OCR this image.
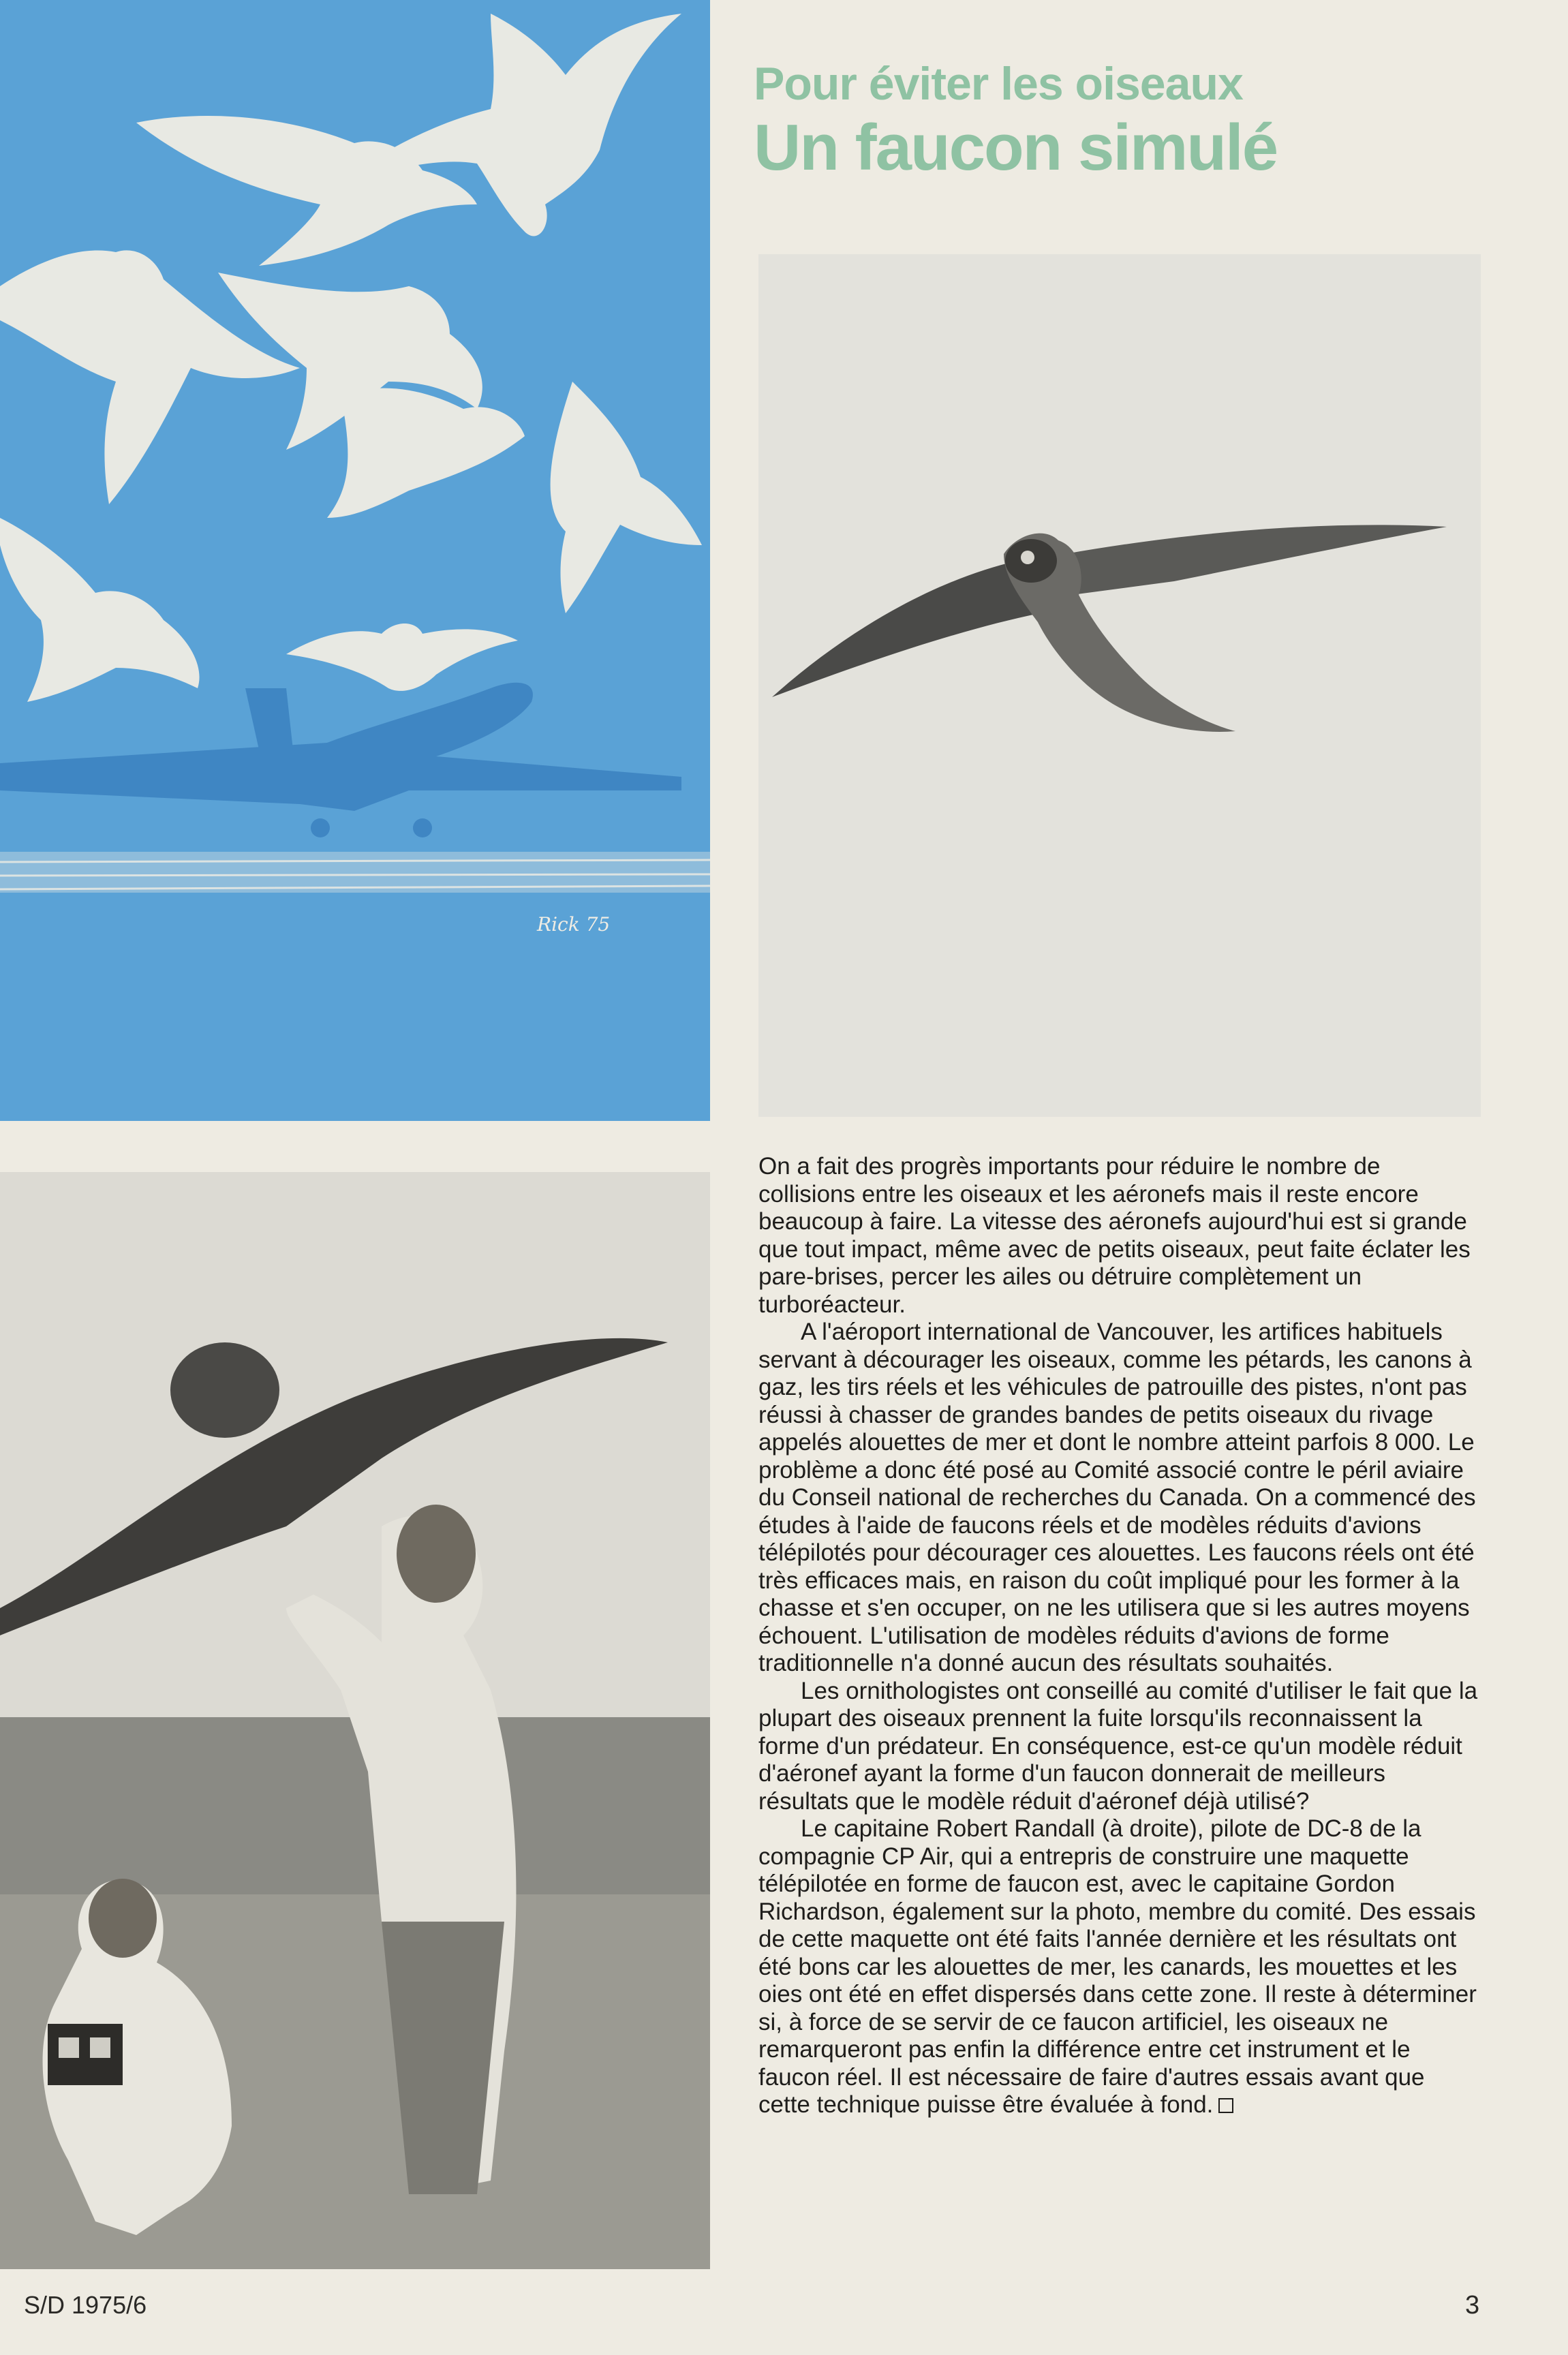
Rick 75
Pour éviter les oiseaux
Un faucon simulé

On a fait des progrès importants pour réduire le nombre de collisions entre les oiseaux et les aéronefs mais il reste encore beaucoup à faire. La vitesse des aéronefs aujourd'hui est si grande que tout impact, même avec de petits oiseaux, peut faite éclater les pare-brises, percer les ailes ou détruire complètement un turboréacteur.

A l'aéroport international de Vancouver, les artifices habituels servant à décourager les oiseaux, comme les pétards, les canons à gaz, les tirs réels et les véhicules de patrouille des pistes, n'ont pas réussi à chasser de grandes bandes de petits oiseaux du rivage appelés alouettes de mer et dont le nombre atteint parfois 8 000. Le problème a donc été posé au Comité associé contre le péril aviaire du Conseil national de recherches du Canada. On a commencé des études à l'aide de faucons réels et de modèles réduits d'avions télépilotés pour décourager ces alouettes. Les faucons réels ont été très efficaces mais, en raison du coût impliqué pour les former à la chasse et s'en occuper, on ne les utilisera que si les autres moyens échouent. L'utilisation de modèles réduits d'avions de forme traditionnelle n'a donné aucun des résultats souhaités.

Les ornithologistes ont conseillé au comité d'utiliser le fait que la plupart des oiseaux prennent la fuite lorsqu'ils reconnaissent la forme d'un prédateur. En conséquence, est-ce qu'un modèle réduit d'aéronef ayant la forme d'un faucon donnerait de meilleurs résultats que le modèle réduit d'aéronef déjà utilisé?

Le capitaine Robert Randall (à droite), pilote de DC-8 de la compagnie CP Air, qui a entrepris de construire une maquette télépilotée en forme de faucon est, avec le capitaine Gordon Richardson, également sur la photo, membre du comité. Des essais de cette maquette ont été faits l'année dernière et les résultats ont été bons car les alouettes de mer, les canards, les mouettes et les oies ont été en effet dispersés dans cette zone. Il reste à déterminer si, à force de se servir de ce faucon artificiel, les oiseaux ne remarqueront pas enfin la différence entre cet instrument et le faucon réel. Il est nécessaire de faire d'autres essais avant que cette technique puisse être évaluée à fond.

S/D 1975/6	3
